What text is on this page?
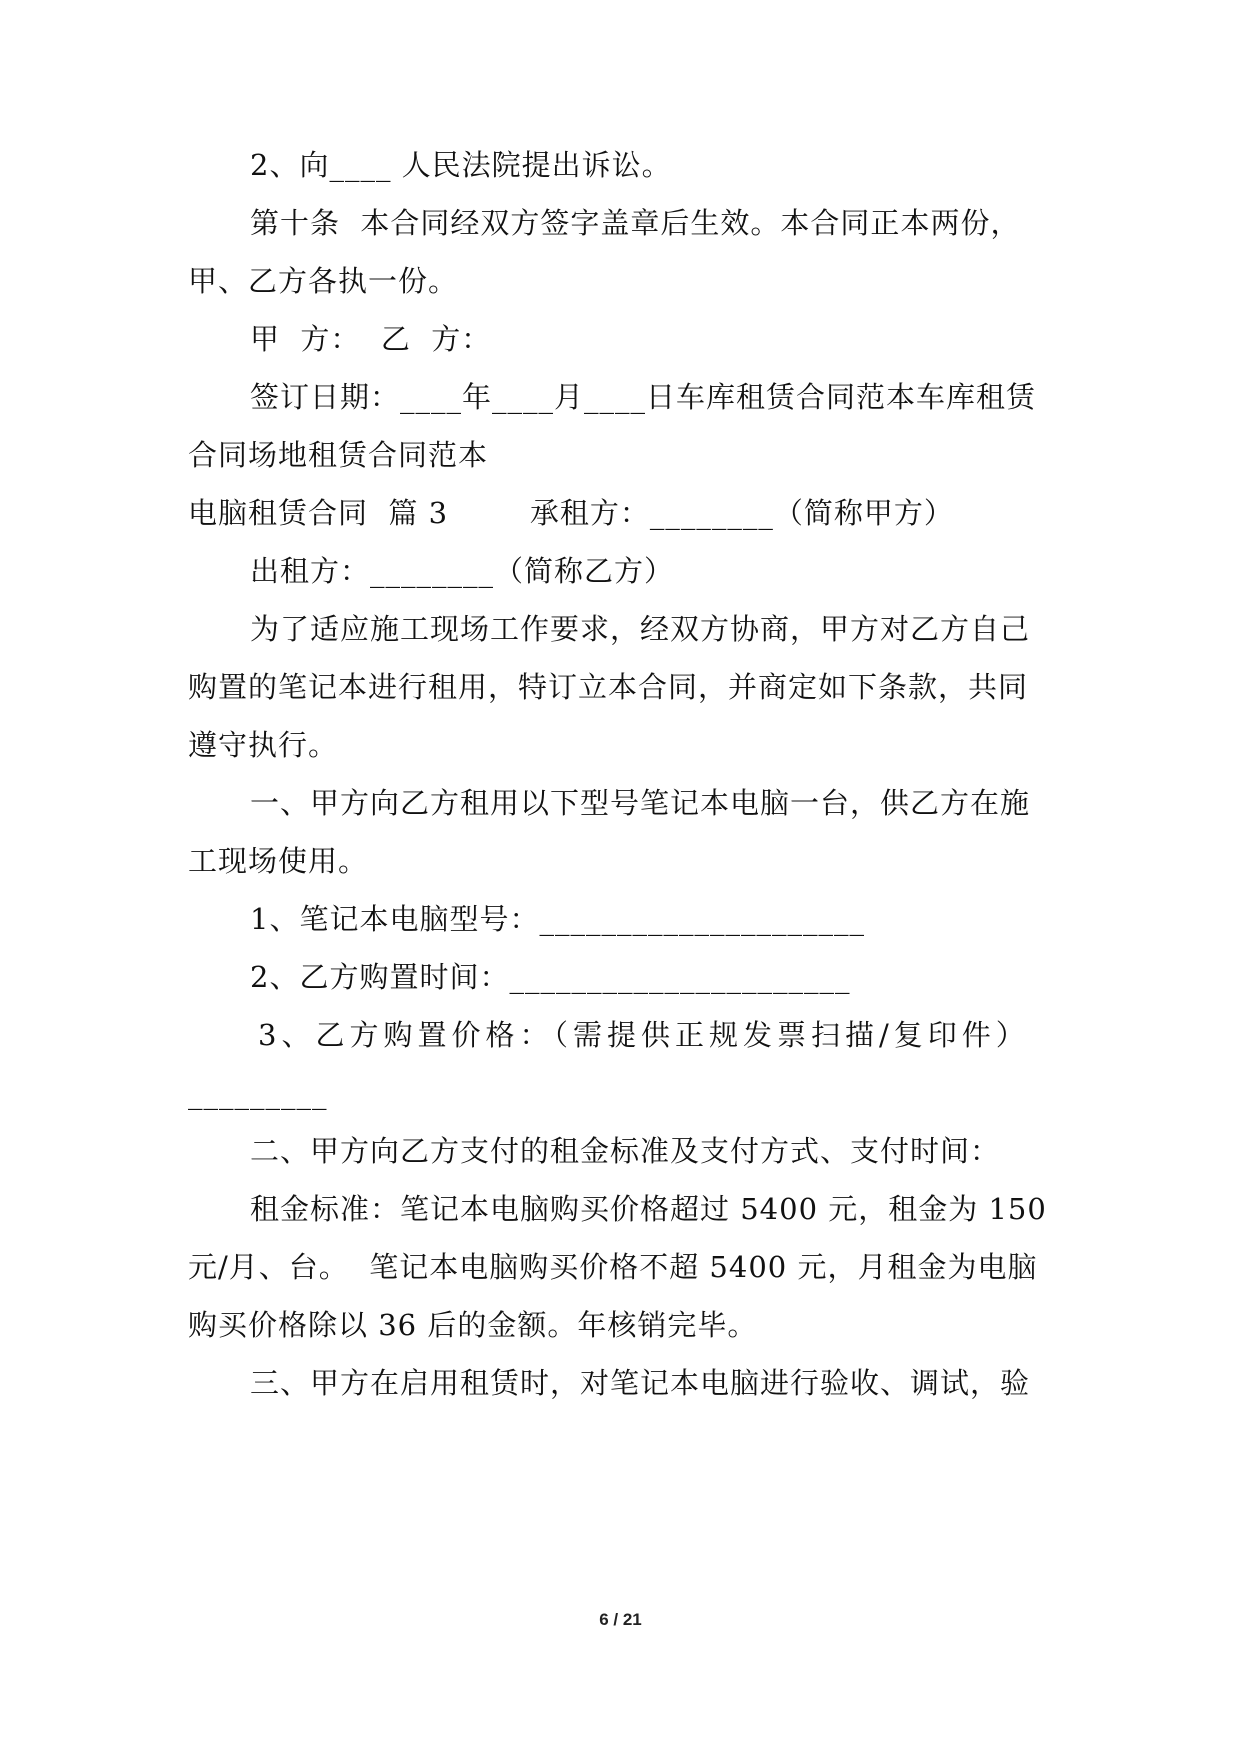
2、向____ 人民法院提出诉讼。
第十条  本合同经双方签字盖章后生效。本合同正本两份，
甲、乙方各执一份。
甲  方：  乙  方：
签订日期：____年____月____日车库租赁合同范本车库租赁
合同场地租赁合同范本
电脑租赁合同  篇 3        承租方：________（简称甲方）
出租方：________（简称乙方）
为了适应施工现场工作要求，经双方协商，甲方对乙方自己
购置的笔记本进行租用，特订立本合同，并商定如下条款，共同
遵守执行。
一、甲方向乙方租用以下型号笔记本电脑一台，供乙方在施
工现场使用。
1、笔记本电脑型号：_____________________
2、乙方购置时间：______________________
3、乙方购置价格：（需提供正规发票扫描/复印件）
_________
二、甲方向乙方支付的租金标准及支付方式、支付时间：
租金标准：笔记本电脑购买价格超过 5400 元，租金为 150
元/月、台。  笔记本电脑购买价格不超 5400 元，月租金为电脑
购买价格除以 36 后的金额。年核销完毕。
三、甲方在启用租赁时，对笔记本电脑进行验收、调试，验
6 / 21
